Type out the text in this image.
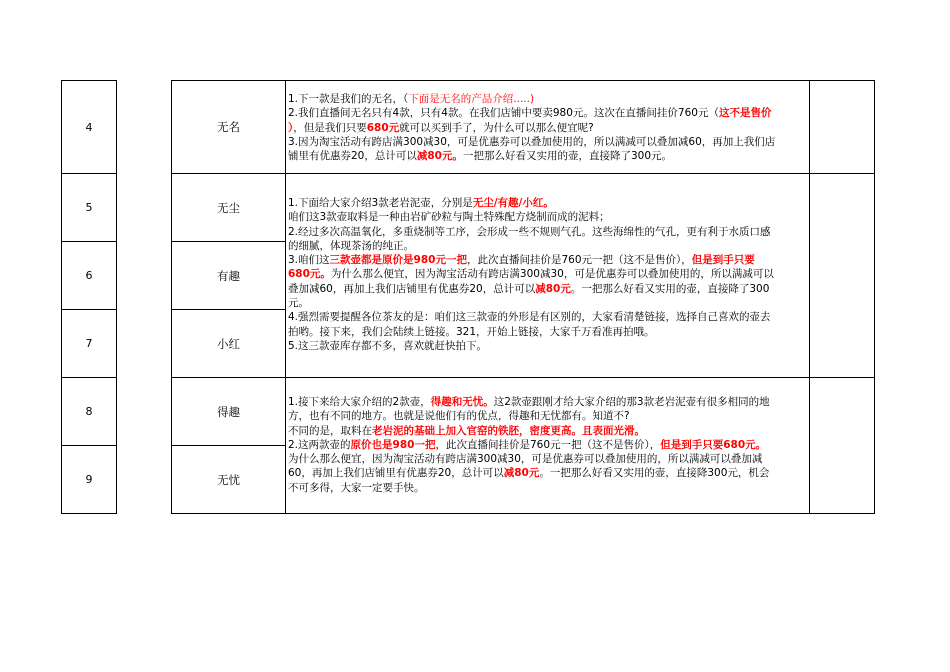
4
5
6
7
8
9
无名
无尘
有趣
小红
得趣
无忧
1.下一款是我们的无名，（下面是无名的产品介绍.....)
2.我们直播间无名只有4款，只有4款。在我们店铺中要卖980元。这次在直播间挂价760元（这不是售价
），但是我们只要680元就可以买到手了，为什么可以那么便宜呢?
3.因为淘宝活动有跨店满300减30，可是优惠券可以叠加使用的，所以满减可以叠加减60，再加上我们店
铺里有优惠券20，总计可以减80元。一把那么好看又实用的壶，直接降了300元。
1.下面给大家介绍3款老岩泥壶，分别是无尘/有趣/小红。
咱们这3款壶取料是一种由岩矿砂粒与陶土特殊配方烧制而成的泥料；
2.经过多次高温氧化，多重烧制等工序，会形成一些不规则气孔。这些海绵性的气孔，更有利于水质口感
的细腻，体现茶汤的纯正。
3.咱们这三款壶都是原价是980元一把，此次直播间挂价是760元一把（这不是售价），但是到手只要
680元。为什么那么便宜，因为淘宝活动有跨店满300减30，可是优惠券可以叠加使用的，所以满减可以
叠加减60，再加上我们店铺里有优惠券20，总计可以减80元。一把那么好看又实用的壶，直接降了300
元。
4.强烈需要提醒各位茶友的是：咱们这三款壶的外形是有区别的，大家看清楚链接，选择自己喜欢的壶去
拍哟。接下来，我们会陆续上链接。321，开始上链接，大家千万看准再拍哦。
5.这三款壶库存都不多，喜欢就赶快拍下。
1.接下来给大家介绍的2款壶，得趣和无忧。这2款壶跟刚才给大家介绍的那3款老岩泥壶有很多相同的地
方，也有不同的地方。也就是说他们有的优点，得趣和无忧都有。知道不?
不同的是，取料在老岩泥的基础上加入官窑的铁胚，密度更高。且表面光滑。
2.这两款壶的原价也是980一把，此次直播间挂价是760元一把（这不是售价），但是到手只要680元。
为什么那么便宜，因为淘宝活动有跨店满300减30，可是优惠券可以叠加使用的，所以满减可以叠加减
60，再加上我们店铺里有优惠券20，总计可以减80元。一把那么好看又实用的壶，直接降300元，机会
不可多得，大家一定要手快。
